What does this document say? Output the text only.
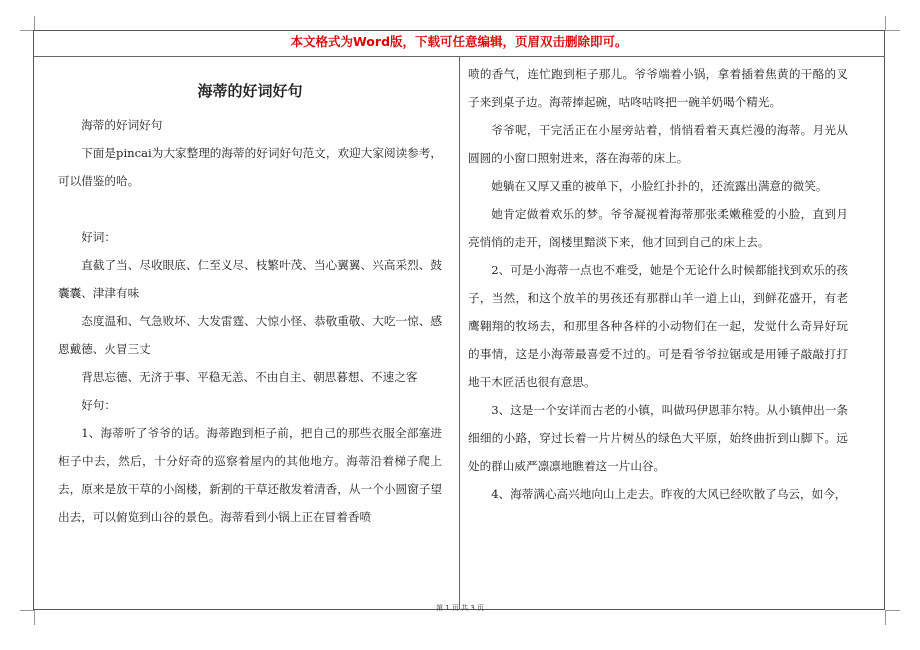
本文格式为Word版，下载可任意编辑，页眉双击删除即可。
海蒂的好词好句

海蒂的好词好句

下面是pincai为大家整理的海蒂的好词好句范文，欢迎大家阅读参考，可以借鉴的哈。

好词：

直截了当、尽收眼底、仁至义尽、枝繁叶茂、当心翼翼、兴高采烈、鼓囊囊、津津有味

态度温和、气急败坏、大发雷霆、大惊小怪、恭敬重敬、大吃一惊、感恩戴德、火冒三丈

背思忘德、无济于事、平稳无恙、不由自主、朝思暮想、不速之客

好句：

1、海蒂听了爷爷的话。海蒂跑到柜子前，把自己的那些衣服全部塞进柜子中去，然后，十分好奇的巡察着屋内的其他地方。海蒂沿着梯子爬上去，原来是放干草的小阁楼，新割的干草还散发着清香，从一个小圆窗子望出去，可以俯览到山谷的景色。海蒂看到小锅上正在冒着香喷

喷的香气，连忙跑到柜子那儿。爷爷端着小锅，拿着插着焦黄的干酪的叉子来到桌子边。海蒂捧起碗，咕咚咕咚把一碗羊奶喝个精光。

爷爷呢，干完活正在小屋旁站着，悄悄看着天真烂漫的海蒂。月光从圆圆的小窗口照射进来，落在海蒂的床上。

她躺在又厚又重的被单下，小脸红扑扑的，还流露出满意的微笑。

她肯定做着欢乐的梦。爷爷凝视着海蒂那张柔嫩稚爱的小脸，直到月亮悄悄的走开，阁楼里黯淡下来，他才回到自己的床上去。

2、可是小海蒂一点也不难受，她是个无论什么时候都能找到欢乐的孩子，当然，和这个放羊的男孩还有那群山羊一道上山，到鲜花盛开，有老鹰翱翔的牧场去，和那里各种各样的小动物们在一起，发觉什么奇异好玩的事情，这是小海蒂最喜爱不过的。可是看爷爷拉锯或是用锤子敲敲打打地干木匠活也很有意思。

3、这是一个安详而古老的小镇，叫做玛伊恩菲尔特。从小镇伸出一条细细的小路，穿过长着一片片树丛的绿色大平原，始终曲折到山脚下。远处的群山威严凛凛地瞧着这一片山谷。

4、海蒂满心高兴地向山上走去。昨夜的大风已经吹散了乌云，如今，

第 1 页 共 3 页
